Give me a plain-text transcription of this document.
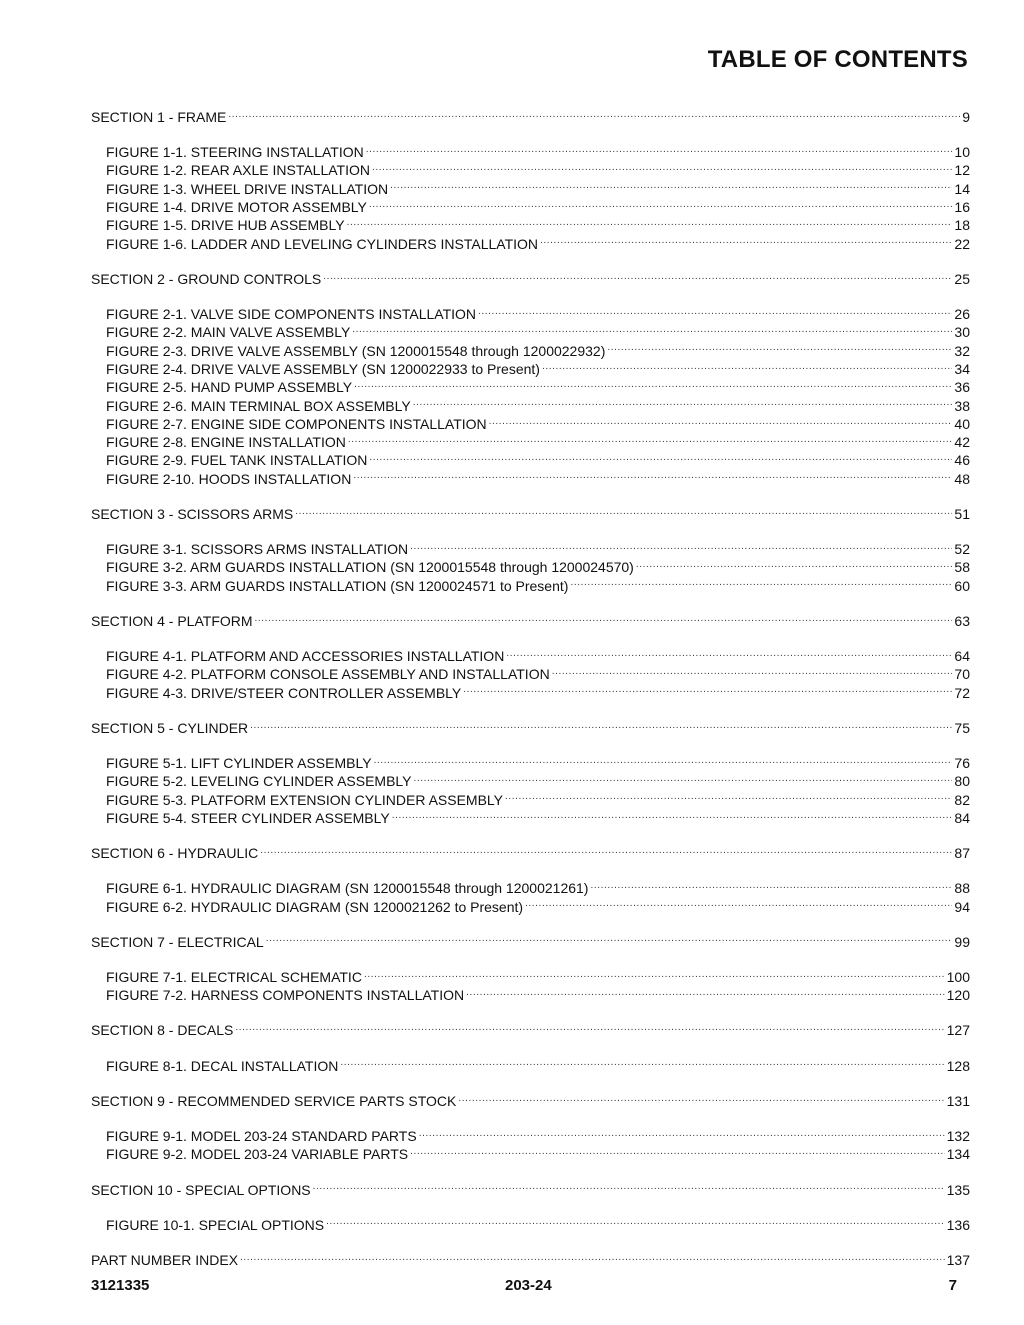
TABLE OF CONTENTS
SECTION 1 - FRAME .....	9
FIGURE 1-1. STEERING INSTALLATION .....	10
FIGURE 1-2. REAR AXLE INSTALLATION .....	12
FIGURE 1-3. WHEEL DRIVE INSTALLATION .....	14
FIGURE 1-4. DRIVE MOTOR ASSEMBLY .....	16
FIGURE 1-5. DRIVE HUB ASSEMBLY .....	18
FIGURE 1-6. LADDER AND LEVELING CYLINDERS INSTALLATION .....	22
SECTION 2 - GROUND CONTROLS .....	25
FIGURE 2-1. VALVE SIDE COMPONENTS INSTALLATION .....	26
FIGURE 2-2. MAIN VALVE ASSEMBLY .....	30
FIGURE 2-3. DRIVE VALVE ASSEMBLY (SN 1200015548 through 1200022932) .....	32
FIGURE 2-4. DRIVE VALVE ASSEMBLY (SN 1200022933 to Present) .....	34
FIGURE 2-5. HAND PUMP ASSEMBLY .....	36
FIGURE 2-6. MAIN TERMINAL BOX ASSEMBLY .....	38
FIGURE 2-7. ENGINE SIDE COMPONENTS INSTALLATION .....	40
FIGURE 2-8. ENGINE INSTALLATION .....	42
FIGURE 2-9. FUEL TANK INSTALLATION .....	46
FIGURE 2-10. HOODS INSTALLATION .....	48
SECTION 3 - SCISSORS ARMS .....	51
FIGURE 3-1. SCISSORS ARMS INSTALLATION .....	52
FIGURE 3-2. ARM GUARDS INSTALLATION (SN 1200015548 through 1200024570) .....	58
FIGURE 3-3. ARM GUARDS INSTALLATION (SN 1200024571 to Present) .....	60
SECTION 4 - PLATFORM .....	63
FIGURE 4-1. PLATFORM AND ACCESSORIES INSTALLATION .....	64
FIGURE 4-2. PLATFORM CONSOLE ASSEMBLY AND INSTALLATION .....	70
FIGURE 4-3. DRIVE/STEER CONTROLLER ASSEMBLY .....	72
SECTION 5 - CYLINDER .....	75
FIGURE 5-1. LIFT CYLINDER ASSEMBLY .....	76
FIGURE 5-2. LEVELING CYLINDER ASSEMBLY .....	80
FIGURE 5-3. PLATFORM EXTENSION CYLINDER ASSEMBLY .....	82
FIGURE 5-4. STEER CYLINDER ASSEMBLY .....	84
SECTION 6 - HYDRAULIC .....	87
FIGURE 6-1. HYDRAULIC DIAGRAM (SN 1200015548 through 1200021261) .....	88
FIGURE 6-2. HYDRAULIC DIAGRAM (SN 1200021262 to Present) .....	94
SECTION 7 - ELECTRICAL .....	99
FIGURE 7-1. ELECTRICAL SCHEMATIC .....	100
FIGURE 7-2. HARNESS COMPONENTS INSTALLATION .....	120
SECTION 8 - DECALS .....	127
FIGURE 8-1. DECAL INSTALLATION .....	128
SECTION 9 - RECOMMENDED SERVICE PARTS STOCK .....	131
FIGURE 9-1. MODEL 203-24 STANDARD PARTS .....	132
FIGURE 9-2. MODEL 203-24 VARIABLE PARTS .....	134
SECTION 10 - SPECIAL OPTIONS .....	135
FIGURE 10-1. SPECIAL OPTIONS .....	136
PART NUMBER INDEX .....	137
3121335	203-24	7
